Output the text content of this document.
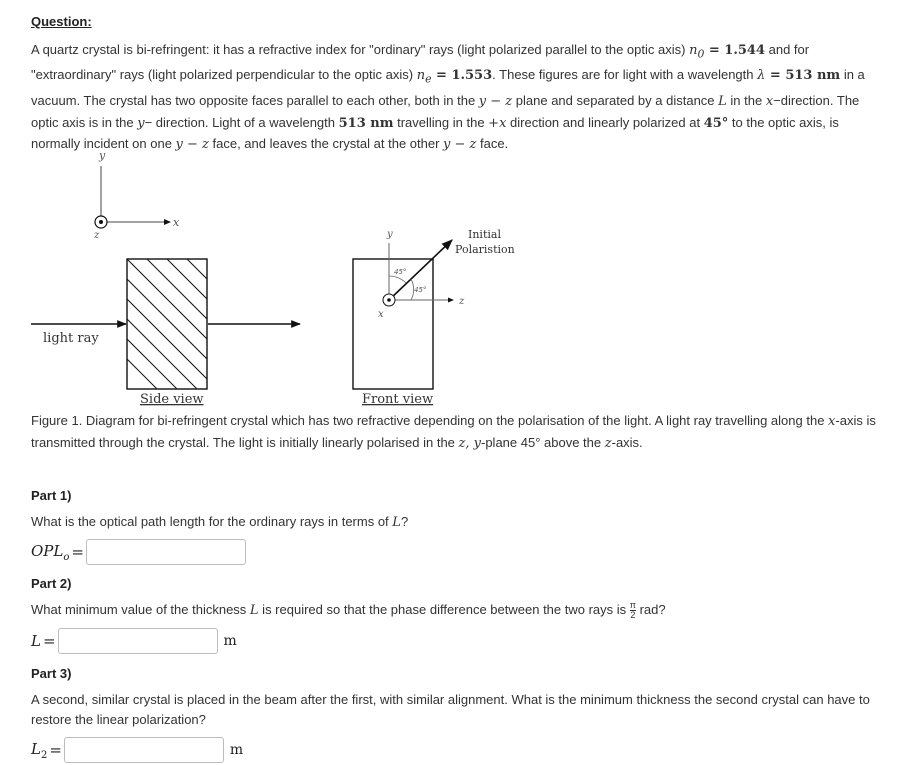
Question:
A quartz crystal is bi-refringent: it has a refractive index for "ordinary" rays (light polarized parallel to the optic axis) $n_0 = 1.544$ and for "extraordinary" rays (light polarized perpendicular to the optic axis) $n_e = 1.553$. These figures are for light with a wavelength λ = 513 nm in a vacuum. The crystal has two opposite faces parallel to each other, both in the y − z plane and separated by a distance L in the x−direction. The optic axis is in the y− direction. Light of a wavelength 513 nm travelling in the +x direction and linearly polarized at 45° to the optic axis, is normally incident on one y − z face, and leaves the crystal at the other y − z face.
y
x
z
light ray
Side view
45°
45°
y
x
z
Initial
Polaristion
Front view
Figure 1. Diagram for bi-refringent crystal which has two refractive depending on the polarisation of the light. A light ray travelling along the x-axis is transmitted through the crystal. The light is initially linearly polarised in the z, y-plane 45° above the z-axis.
Part 1)
What is the optical path length for the ordinary rays in terms of L?
$OPL_o$ =
Part 2)
What minimum value of the thickness L is required so that the phase difference between the two rays is $\frac{\pi}{2}$ rad?
L =	m
Part 3)
A second, similar crystal is placed in the beam after the first, with similar alignment. What is the minimum thickness the second crystal can have to restore the linear polarization?
$L_2$ =	m
